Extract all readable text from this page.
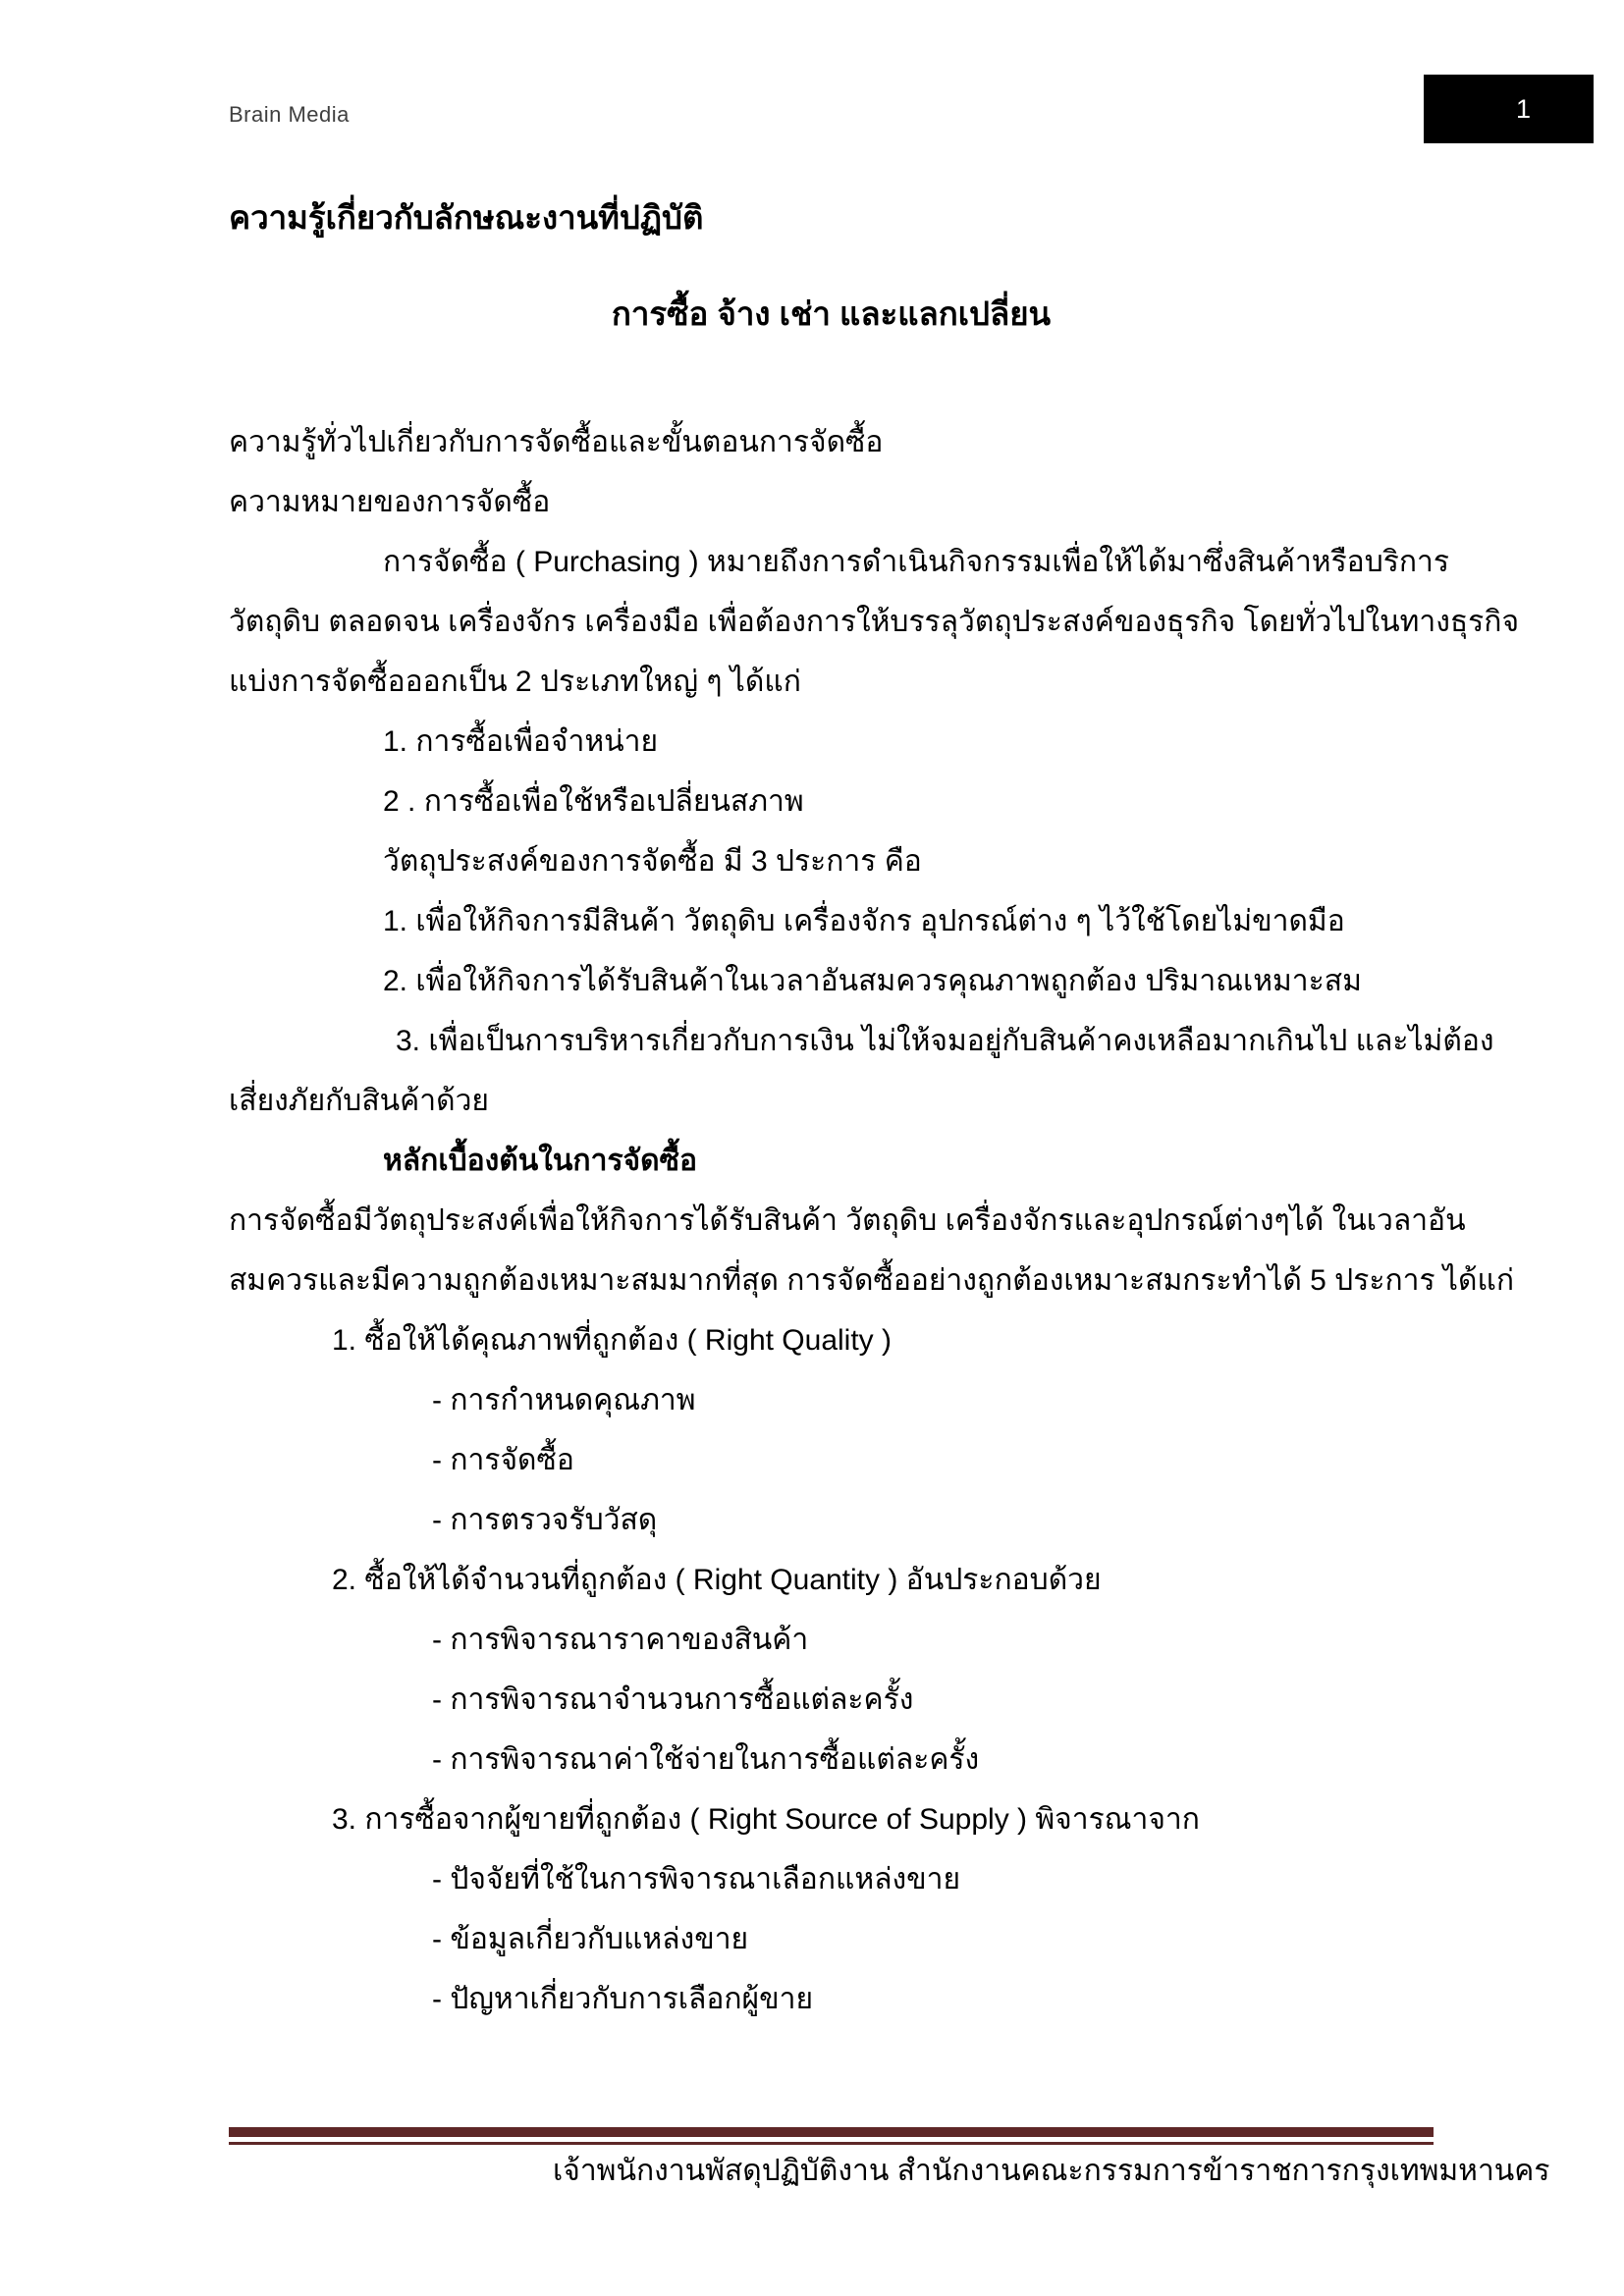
Brain Media	1
ความรู้เกี่ยวกับลักษณะงานที่ปฏิบัติ
การซื้อ จ้าง เช่า และแลกเปลี่ยน
ความรู้ทั่วไปเกี่ยวกับการจัดซื้อและขั้นตอนการจัดซื้อ
ความหมายของการจัดซื้อ
การจัดซื้อ ( Purchasing ) หมายถึงการดำเนินกิจกรรมเพื่อให้ได้มาซึ่งสินค้าหรือบริการ
วัตถุดิบ ตลอดจน เครื่องจักร เครื่องมือ เพื่อต้องการให้บรรลุวัตถุประสงค์ของธุรกิจ โดยทั่วไปในทางธุรกิจ
แบ่งการจัดซื้อออกเป็น 2 ประเภทใหญ่ ๆ ได้แก่
1. การซื้อเพื่อจำหน่าย
2 . การซื้อเพื่อใช้หรือเปลี่ยนสภาพ
วัตถุประสงค์ของการจัดซื้อ มี 3 ประการ คือ
1. เพื่อให้กิจการมีสินค้า วัตถุดิบ เครื่องจักร อุปกรณ์ต่าง ๆ ไว้ใช้โดยไม่ขาดมือ
2. เพื่อให้กิจการได้รับสินค้าในเวลาอันสมควรคุณภาพถูกต้อง ปริมาณเหมาะสม
3. เพื่อเป็นการบริหารเกี่ยวกับการเงิน ไม่ให้จมอยู่กับสินค้าคงเหลือมากเกินไป และไม่ต้อง
เสี่ยงภัยกับสินค้าด้วย
หลักเบื้องต้นในการจัดซื้อ
การจัดซื้อมีวัตถุประสงค์เพื่อให้กิจการได้รับสินค้า วัตถุดิบ เครื่องจักรและอุปกรณ์ต่างๆได้ ในเวลาอัน
สมควรและมีความถูกต้องเหมาะสมมากที่สุด การจัดซื้ออย่างถูกต้องเหมาะสมกระทำได้ 5 ประการ ได้แก่
1. ซื้อให้ได้คุณภาพที่ถูกต้อง ( Right Quality )
- การกำหนดคุณภาพ
- การจัดซื้อ
- การตรวจรับวัสดุ
2. ซื้อให้ได้จำนวนที่ถูกต้อง ( Right Quantity ) อันประกอบด้วย
- การพิจารณาราคาของสินค้า
- การพิจารณาจำนวนการซื้อแต่ละครั้ง
- การพิจารณาค่าใช้จ่ายในการซื้อแต่ละครั้ง
3. การซื้อจากผู้ขายที่ถูกต้อง ( Right Source of Supply ) พิจารณาจาก
- ปัจจัยที่ใช้ในการพิจารณาเลือกแหล่งขาย
- ข้อมูลเกี่ยวกับแหล่งขาย
- ปัญหาเกี่ยวกับการเลือกผู้ขาย
เจ้าพนักงานพัสดุปฏิบัติงาน สำนักงานคณะกรรมการข้าราชการกรุงเทพมหานคร
